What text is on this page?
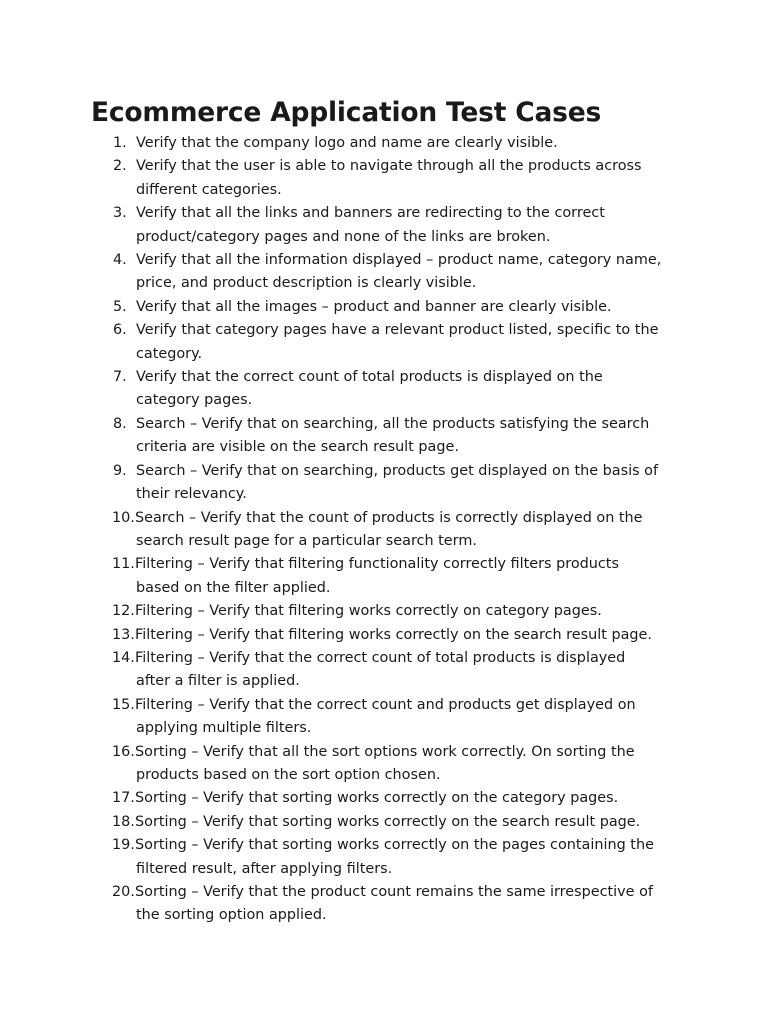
Ecommerce Application Test Cases
1. Verify that the company logo and name are clearly visible.
2. Verify that the user is able to navigate through all the products across
different categories.
3. Verify that all the links and banners are redirecting to the correct
product/category pages and none of the links are broken.
4. Verify that all the information displayed – product name, category name,
price, and product description is clearly visible.
5. Verify that all the images – product and banner are clearly visible.
6. Verify that category pages have a relevant product listed, specific to the
category.
7. Verify that the correct count of total products is displayed on the
category pages.
8. Search – Verify that on searching, all the products satisfying the search
criteria are visible on the search result page.
9. Search – Verify that on searching, products get displayed on the basis of
their relevancy.
10. Search – Verify that the count of products is correctly displayed on the
search result page for a particular search term.
11. Filtering – Verify that filtering functionality correctly filters products
based on the filter applied.
12. Filtering – Verify that filtering works correctly on category pages.
13. Filtering – Verify that filtering works correctly on the search result page.
14. Filtering – Verify that the correct count of total products is displayed
after a filter is applied.
15. Filtering – Verify that the correct count and products get displayed on
applying multiple filters.
16. Sorting – Verify that all the sort options work correctly. On sorting the
products based on the sort option chosen.
17. Sorting – Verify that sorting works correctly on the category pages.
18. Sorting – Verify that sorting works correctly on the search result page.
19. Sorting – Verify that sorting works correctly on the pages containing the
filtered result, after applying filters.
20. Sorting – Verify that the product count remains the same irrespective of
the sorting option applied.
